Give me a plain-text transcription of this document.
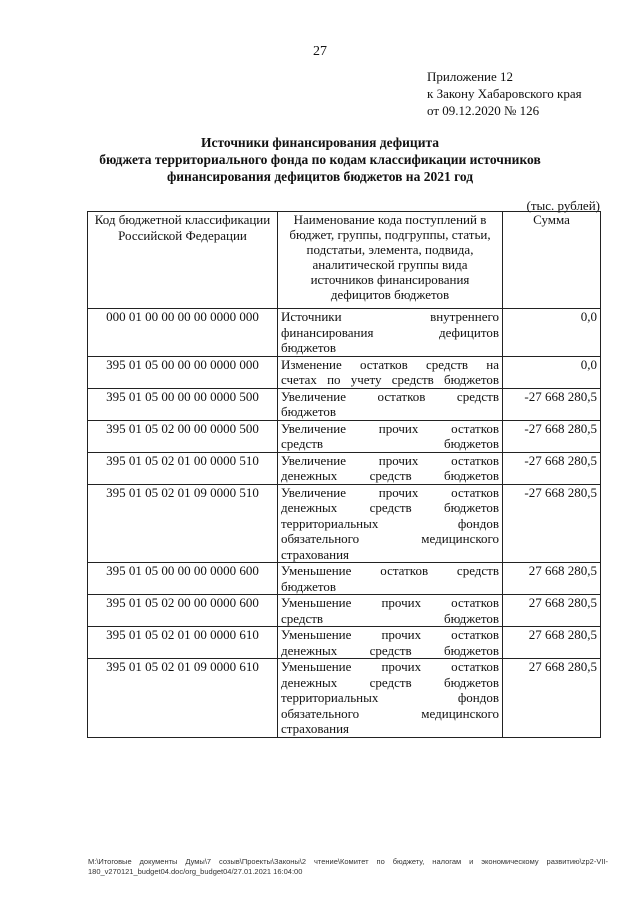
27
Приложение 12
к Закону Хабаровского края
от 09.12.2020 № 126
Источники финансирования дефицита
бюджета территориального фонда по кодам классификации источников
финансирования дефицитов бюджетов на 2021 год
(тыс. рублей)
Код бюджетной классификации Российской Федерации	Наименование кода поступлений в бюджет, группы, подгруппы, статьи, подстатьи, элемента, подвида, аналитической группы вида источников финансирования дефицитов бюджетов	Сумма
000 01 00 00 00 00 0000 000	Источники внутреннего
финансирования дефицитов
бюджетов	0,0
395 01 05 00 00 00 0000 000	Изменение остатков средств на
счетах по учету средств бюджетов	0,0
395 01 05 00 00 00 0000 500	Увеличение остатков средств
бюджетов	-27 668 280,5
395 01 05 02 00 00 0000 500	Увеличение прочих остатков
средств бюджетов	-27 668 280,5
395 01 05 02 01 00 0000 510	Увеличение прочих остатков
денежных средств бюджетов	-27 668 280,5
395 01 05 02 01 09 0000 510	Увеличение прочих остатков
денежных средств бюджетов
территориальных фондов
обязательного медицинского
страхования	-27 668 280,5
395 01 05 00 00 00 0000 600	Уменьшение остатков средств
бюджетов	27 668 280,5
395 01 05 02 00 00 0000 600	Уменьшение прочих остатков
средств бюджетов	27 668 280,5
395 01 05 02 01 00 0000 610	Уменьшение прочих остатков
денежных средств бюджетов	27 668 280,5
395 01 05 02 01 09 0000 610	Уменьшение прочих остатков
денежных средств бюджетов
территориальных фондов
обязательного медицинского
страхования	27 668 280,5
M:\Итоговые документы Думы\7 созыв\Проекты\Законы\2 чтение\Комитет по бюджету, налогам и экономическому развитию\zp2-VII-
180_v270121_budget04.doc/org_budget04/27.01.2021 16:04:00
